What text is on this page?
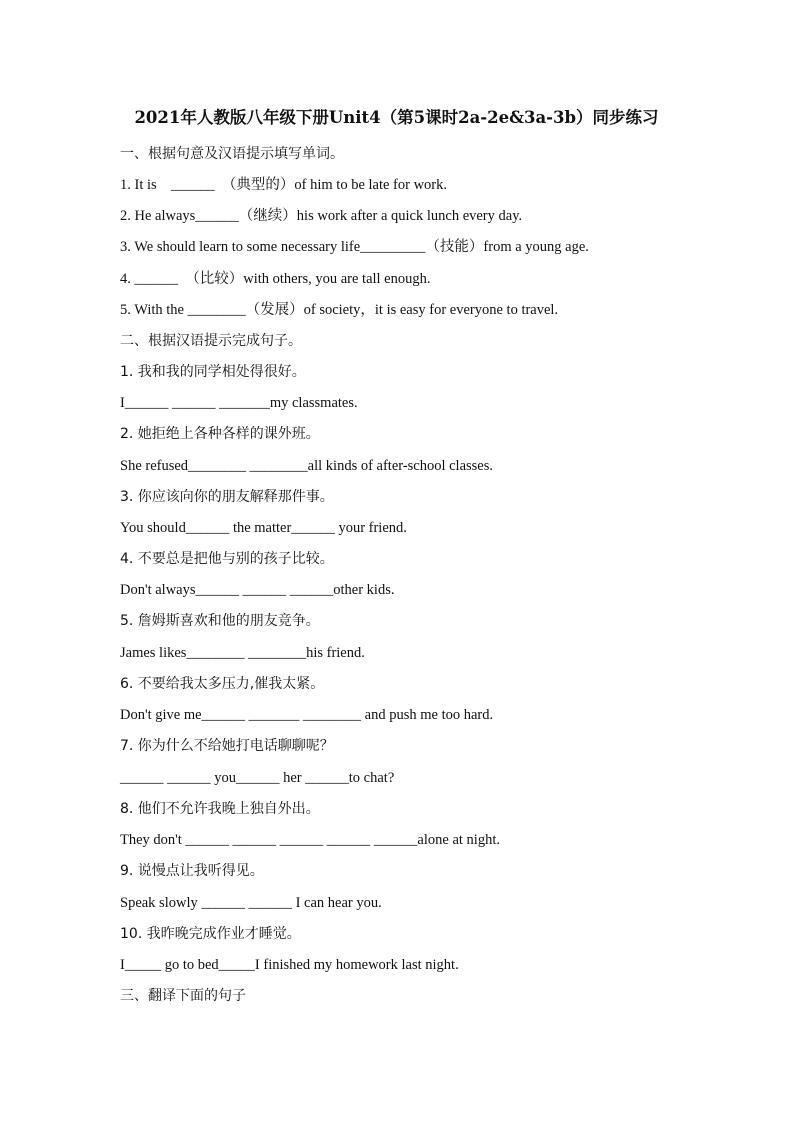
2021年人教版八年级下册Unit4（第5课时2a-2e&3a-3b）同步练习
一、根据句意及汉语提示填写单词。
1. It is    ______  （典型的）of him to be late for work.
2. He always______（继续）his work after a quick lunch every day.
3. We should learn to some necessary life_________（技能）from a young age.
4. ______  （比较）with others, you are tall enough.
5. With the ________（发展）of society，it is easy for everyone to travel.
二、根据汉语提示完成句子。
1. 我和我的同学相处得很好。
I______ ______ _______my classmates.
2. 她拒绝上各种各样的课外班。
She refused________ ________all kinds of after-school classes.
3. 你应该向你的朋友解释那件事。
You should______ the matter______ your friend.
4. 不要总是把他与别的孩子比较。
Don't always______ ______ ______other kids.
5. 詹姆斯喜欢和他的朋友竞争。
James likes________ ________his friend.
6. 不要给我太多压力,催我太紧。
Don't give me______ _______ ________ and push me too hard.
7. 你为什么不给她打电话聊聊呢？
______ ______ you______ her ______to chat?
8. 他们不允许我晚上独自外出。
They don't ______ ______ ______ ______ ______alone at night.
9. 说慢点让我听得见。
Speak slowly ______ ______ I can hear you.
10. 我昨晚完成作业才睡觉。
I_____ go to bed_____I finished my homework last night.
三、翻译下面的句子
